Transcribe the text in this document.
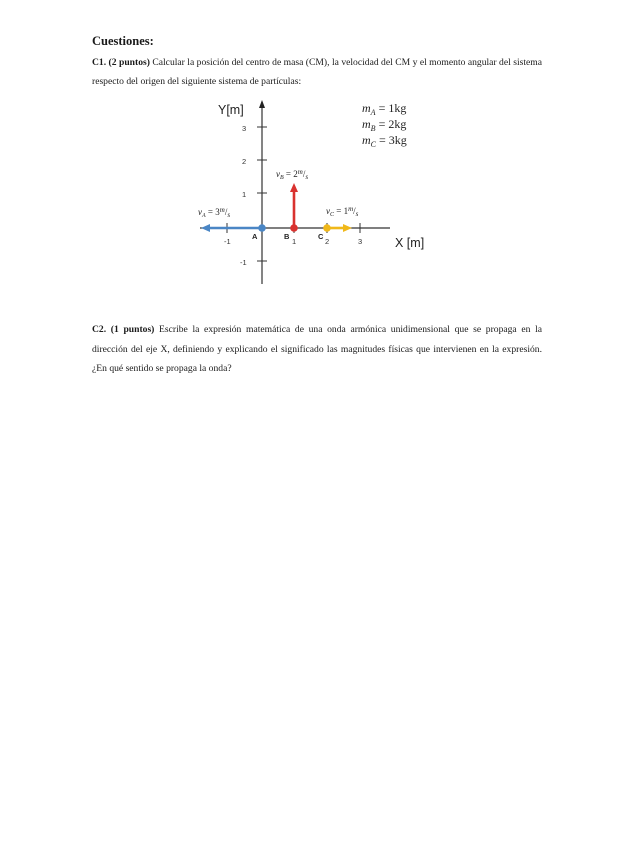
Cuestiones:
C1. (2 puntos) Calcular la posición del centro de masa (CM), la velocidad del CM y el momento angular del sistema respecto del origen del siguiente sistema de partículas:
Y[m]
X [m]
-1	1	2	3
3
2
1
-1
$m_A = 1kg$
$m_B = 2kg$
$m_C = 3kg$
A
$v_A = 3^m/_s$
B
$v_B = 2^m/_s$
C
$v_C = 1^m/_s$
C2. (1 puntos) Escribe la expresión matemática de una onda armónica unidimensional que se propaga en la dirección del eje X, definiendo y explicando el significado las magnitudes físicas que intervienen en la expresión. ¿En qué sentido se propaga la onda?
